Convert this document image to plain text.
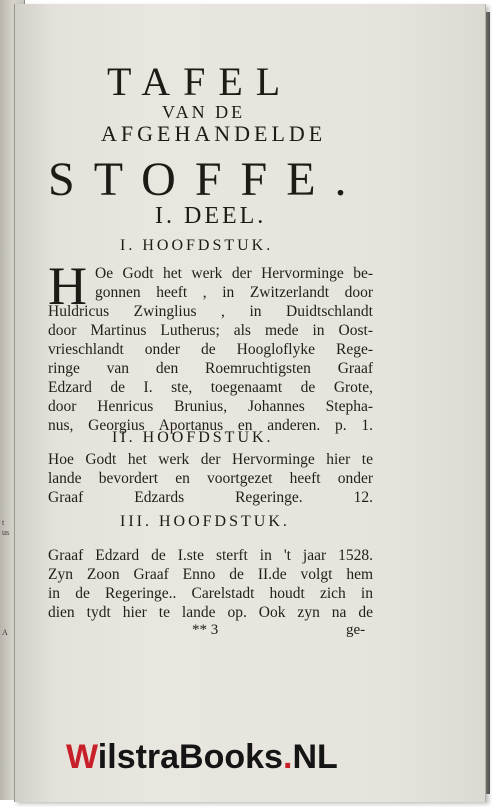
t
us
A
TAFEL
VAN DE
AFGEHANDELDE
STOFFE.
I. DEEL.
I. HOOFDSTUK.
H Oe Godt het werk der Hervorminge be-
gonnen heeft , in Zwitzerlandt door
Huldricus Zwinglius , in Duidtschlandt
door Martinus Lutherus; als mede in Oost-
vrieschlandt onder de Hoogloflyke Rege-
ringe van den Roemruchtigsten Graaf
Edzard de I. ste, toegenaamt de Grote,
door Henricus Brunius, Johannes Stepha-
nus, Georgius Aportanus en anderen. p. 1.
II. HOOFDSTUK.
Hoe Godt het werk der Hervorminge hier te
lande bevordert en voortgezet heeft onder
Graaf Edzards Regeringe. 12.
III. HOOFDSTUK.
Graaf Edzard de I.ste sterft in 't jaar 1528.
Zyn Zoon Graaf Enno de II.de volgt hem
in de Regeringe.. Carelstadt houdt zich in
dien tydt hier te lande op. Ook zyn na de
** 3	ge-
WilstraBooks.NL
